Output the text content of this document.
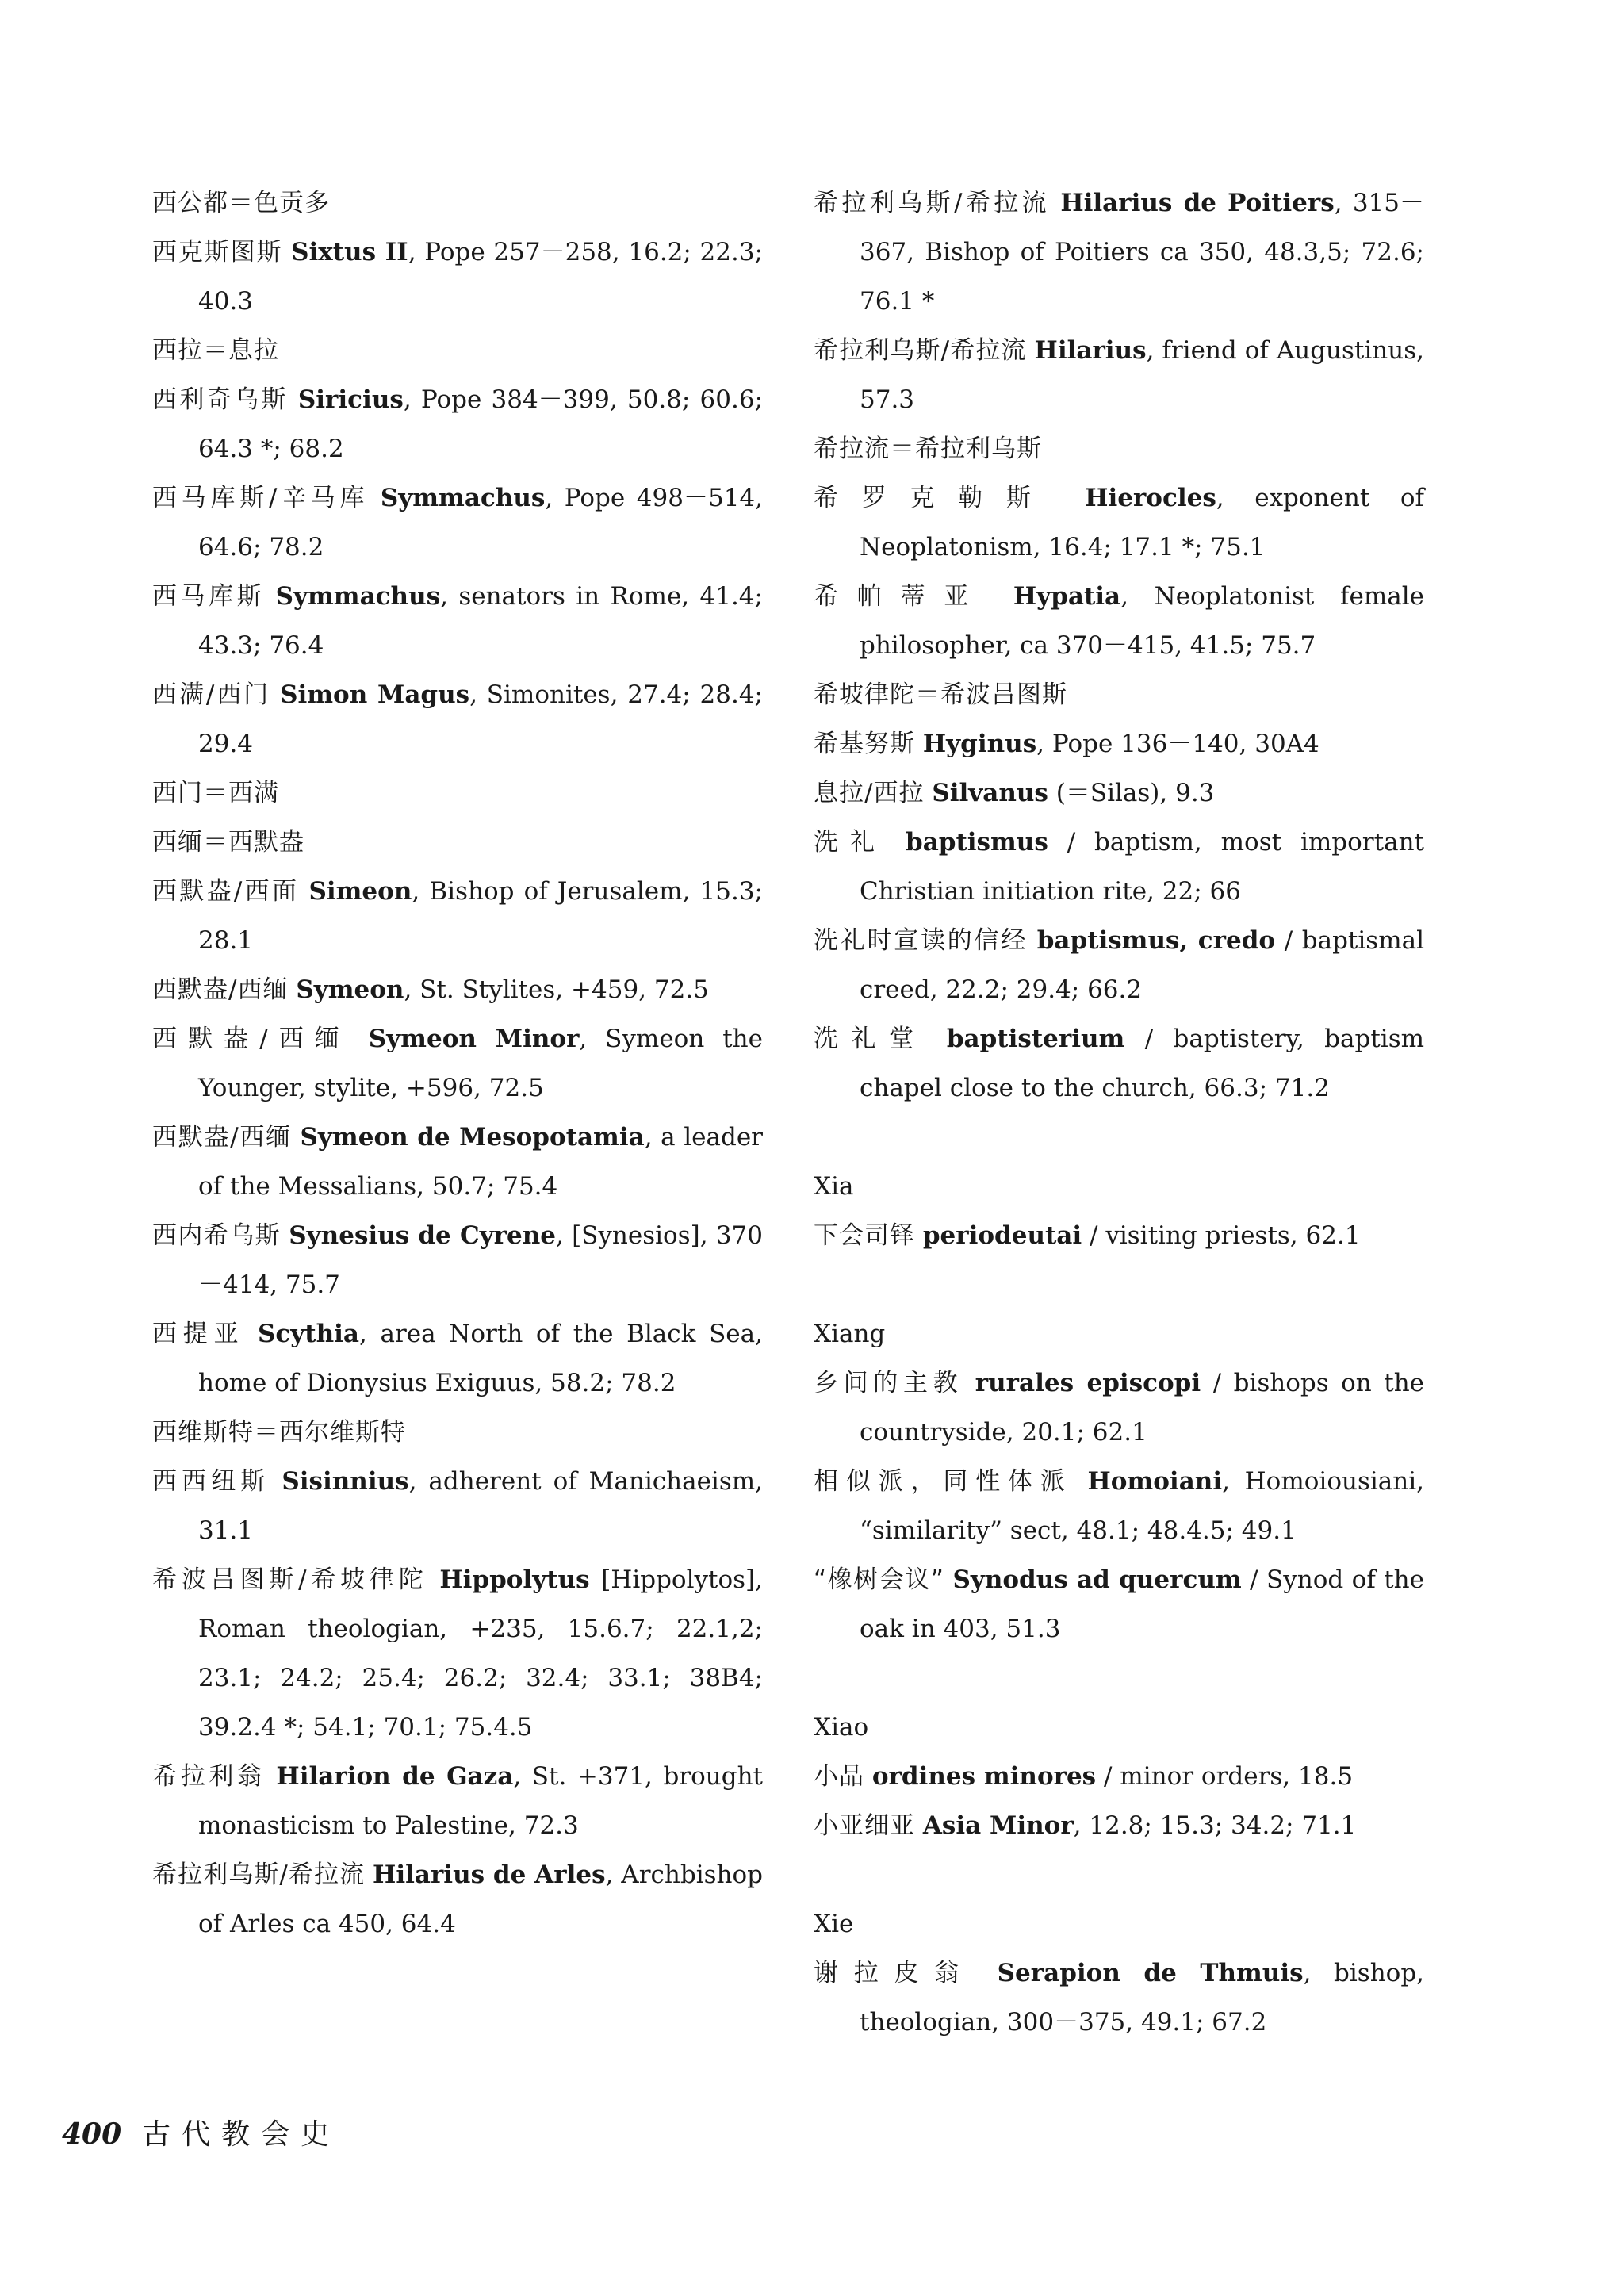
西公都＝色贡多

西克斯图斯 Sixtus II, Pope 257－258, 16.2; 22.3; 40.3

西拉＝息拉

西利奇乌斯 Siricius, Pope 384－399, 50.8; 60.6; 64.3 *; 68.2

西马库斯/辛马库 Symmachus, Pope 498－514, 64.6; 78.2

西马库斯 Symmachus, senators in Rome, 41.4; 43.3; 76.4

西满/西门 Simon Magus, Simonites, 27.4; 28.4; 29.4

西门＝西满

西缅＝西默盎

西默盎/西面 Simeon, Bishop of Jerusalem, 15.3; 28.1

西默盎/西缅 Symeon, St. Stylites, +459, 72.5

西默盎/西缅 Symeon Minor, Symeon the Younger, stylite, +596, 72.5

西默盎/西缅 Symeon de Mesopotamia, a leader of the Messalians, 50.7; 75.4

西内希乌斯 Synesius de Cyrene, [Synesios], 370－414, 75.7

西提亚 Scythia, area North of the Black Sea, home of Dionysius Exiguus, 58.2; 78.2

西维斯特＝西尔维斯特

西西纽斯 Sisinnius, adherent of Manichaeism, 31.1

希波吕图斯/希坡律陀 Hippolytus [Hippolytos], Roman theologian, +235, 15.6.7; 22.1,2; 23.1; 24.2; 25.4; 26.2; 32.4; 33.1; 38B4; 39.2.4 *; 54.1; 70.1; 75.4.5

希拉利翁 Hilarion de Gaza, St. +371, brought monasticism to Palestine, 72.3

希拉利乌斯/希拉流 Hilarius de Arles, Archbishop of Arles ca 450, 64.4

希拉利乌斯/希拉流 Hilarius de Poitiers, 315－367, Bishop of Poitiers ca 350, 48.3,5; 72.6; 76.1 *

希拉利乌斯/希拉流 Hilarius, friend of Augustinus, 57.3

希拉流＝希拉利乌斯

希罗克勒斯 Hierocles, exponent of Neoplatonism, 16.4; 17.1 *; 75.1

希帕蒂亚 Hypatia, Neoplatonist female philosopher, ca 370－415, 41.5; 75.7

希坡律陀＝希波吕图斯

希基努斯 Hyginus, Pope 136－140, 30A4

息拉/西拉 Silvanus (＝Silas), 9.3

洗礼 baptismus / baptism, most important Christian initiation rite, 22; 66

洗礼时宣读的信经 baptismus, credo / baptismal creed, 22.2; 29.4; 66.2

洗礼堂 baptisterium / baptistery, baptism chapel close to the church, 66.3; 71.2

Xia

下会司铎 periodeutai / visiting priests, 62.1

Xiang

乡间的主教 rurales episcopi / bishops on the countryside, 20.1; 62.1

相似派，同性体派 Homoiani, Homoiousiani, “similarity” sect, 48.1; 48.4.5; 49.1

“橡树会议” Synodus ad quercum / Synod of the oak in 403, 51.3

Xiao

小品 ordines minores / minor orders, 18.5

小亚细亚 Asia Minor, 12.8; 15.3; 34.2; 71.1

Xie

谢拉皮翁 Serapion de Thmuis, bishop, theologian, 300－375, 49.1; 67.2

400 古代教会史
